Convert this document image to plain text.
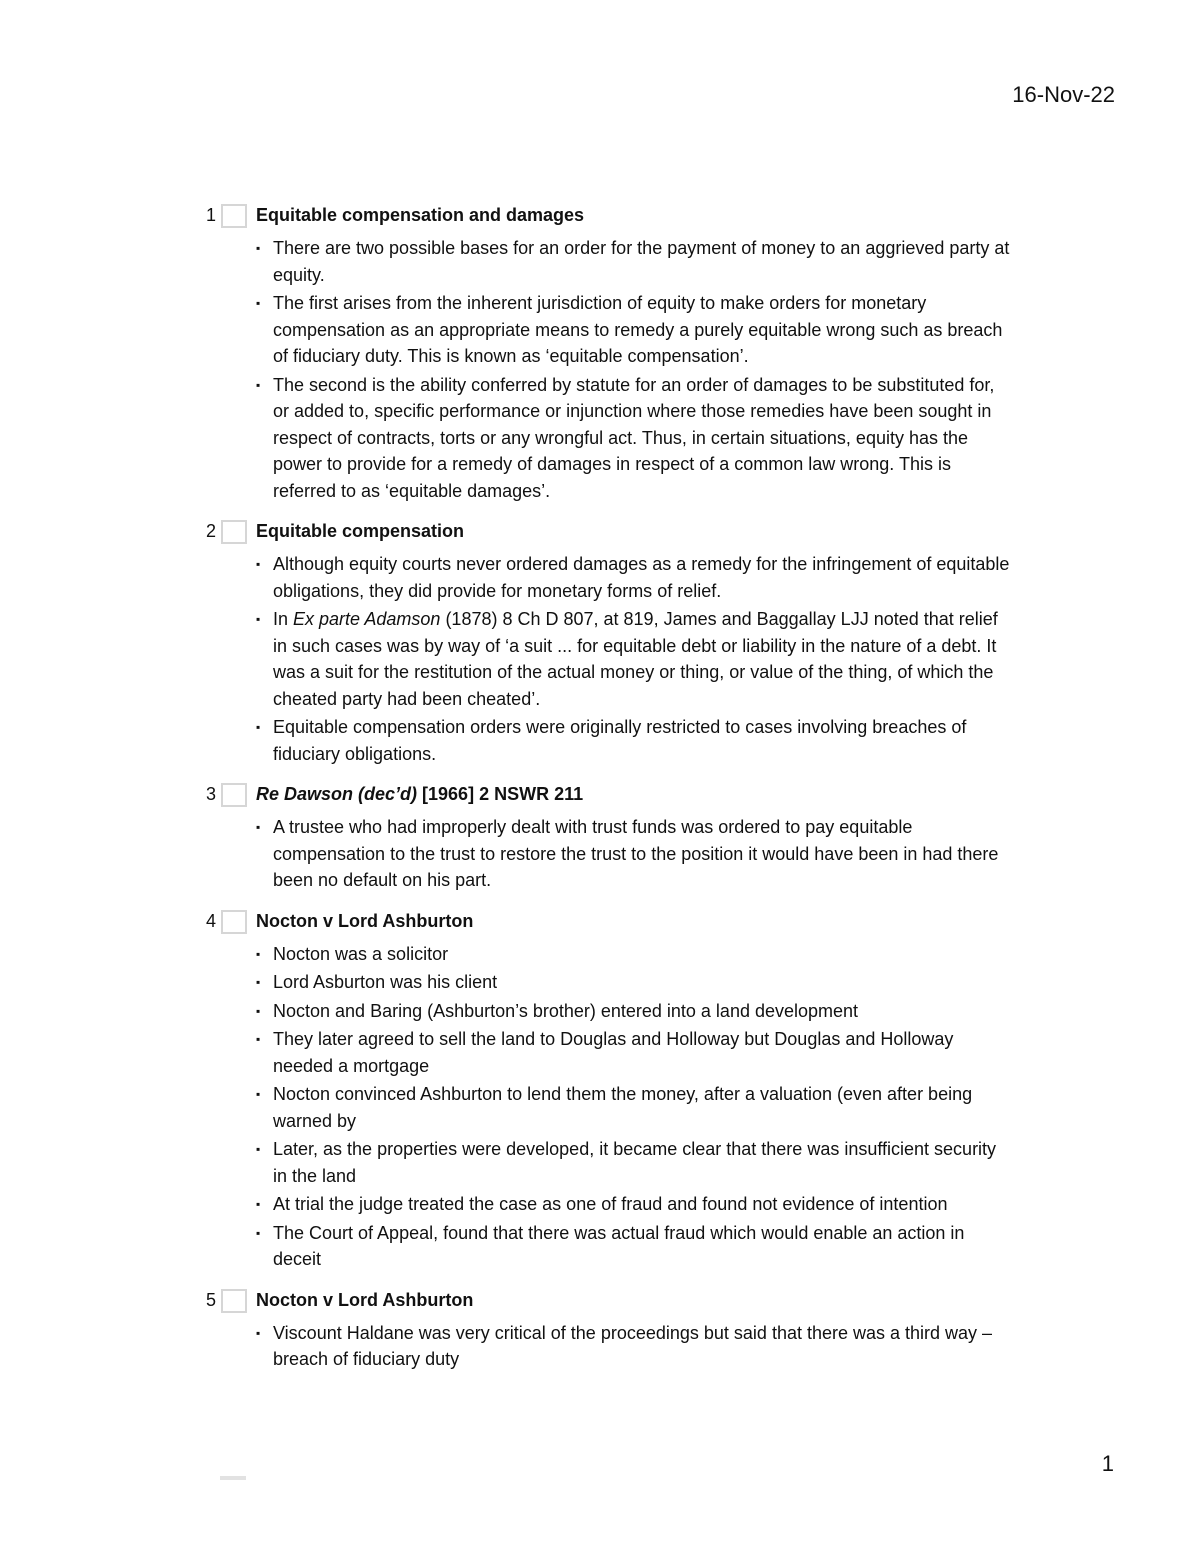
16-Nov-22
1 Equitable compensation and damages
▪ There are two possible bases for an order for the payment of money to an aggrieved party at equity.
▪ The first arises from the inherent jurisdiction of equity to make orders for monetary compensation as an appropriate means to remedy a purely equitable wrong such as breach of fiduciary duty. This is known as ‘equitable compensation’.
▪ The second is the ability conferred by statute for an order of damages to be substituted for, or added to, specific performance or injunction where those remedies have been sought in respect of contracts, torts or any wrongful act. Thus, in certain situations, equity has the power to provide for a remedy of damages in respect of a common law wrong. This is referred to as ‘equitable damages’.
2 Equitable compensation
▪ Although equity courts never ordered damages as a remedy for the infringement of equitable obligations, they did provide for monetary forms of relief.
▪ In Ex parte Adamson (1878) 8 Ch D 807, at 819, James and Baggallay LJJ noted that relief in such cases was by way of ‘a suit ... for equitable debt or liability in the nature of a debt. It was a suit for the restitution of the actual money or thing, or value of the thing, of which the cheated party had been cheated’.
▪ Equitable compensation orders were originally restricted to cases involving breaches of fiduciary obligations.
3 Re Dawson (dec’d) [1966] 2 NSWR 211
▪ A trustee who had improperly dealt with trust funds was ordered to pay equitable compensation to the trust to restore the trust to the position it would have been in had there been no default on his part.
4 Nocton v Lord Ashburton
▪ Nocton was a solicitor
▪ Lord Asburton was his client
▪ Nocton and Baring (Ashburton’s brother) entered into a land development
▪ They later agreed to sell the land to Douglas and Holloway but Douglas and Holloway needed a mortgage
▪ Nocton convinced Ashburton to lend them the money, after a valuation (even after being warned by
▪ Later, as the properties were developed, it became clear that there was insufficient security in the land
▪ At trial the judge treated the case as one of fraud and found not evidence of intention
▪ The Court of Appeal, found that there was actual fraud which would enable an action in deceit
5 Nocton v Lord Ashburton
▪ Viscount Haldane was very critical of the proceedings but said that there was a third way – breach of fiduciary duty
1
